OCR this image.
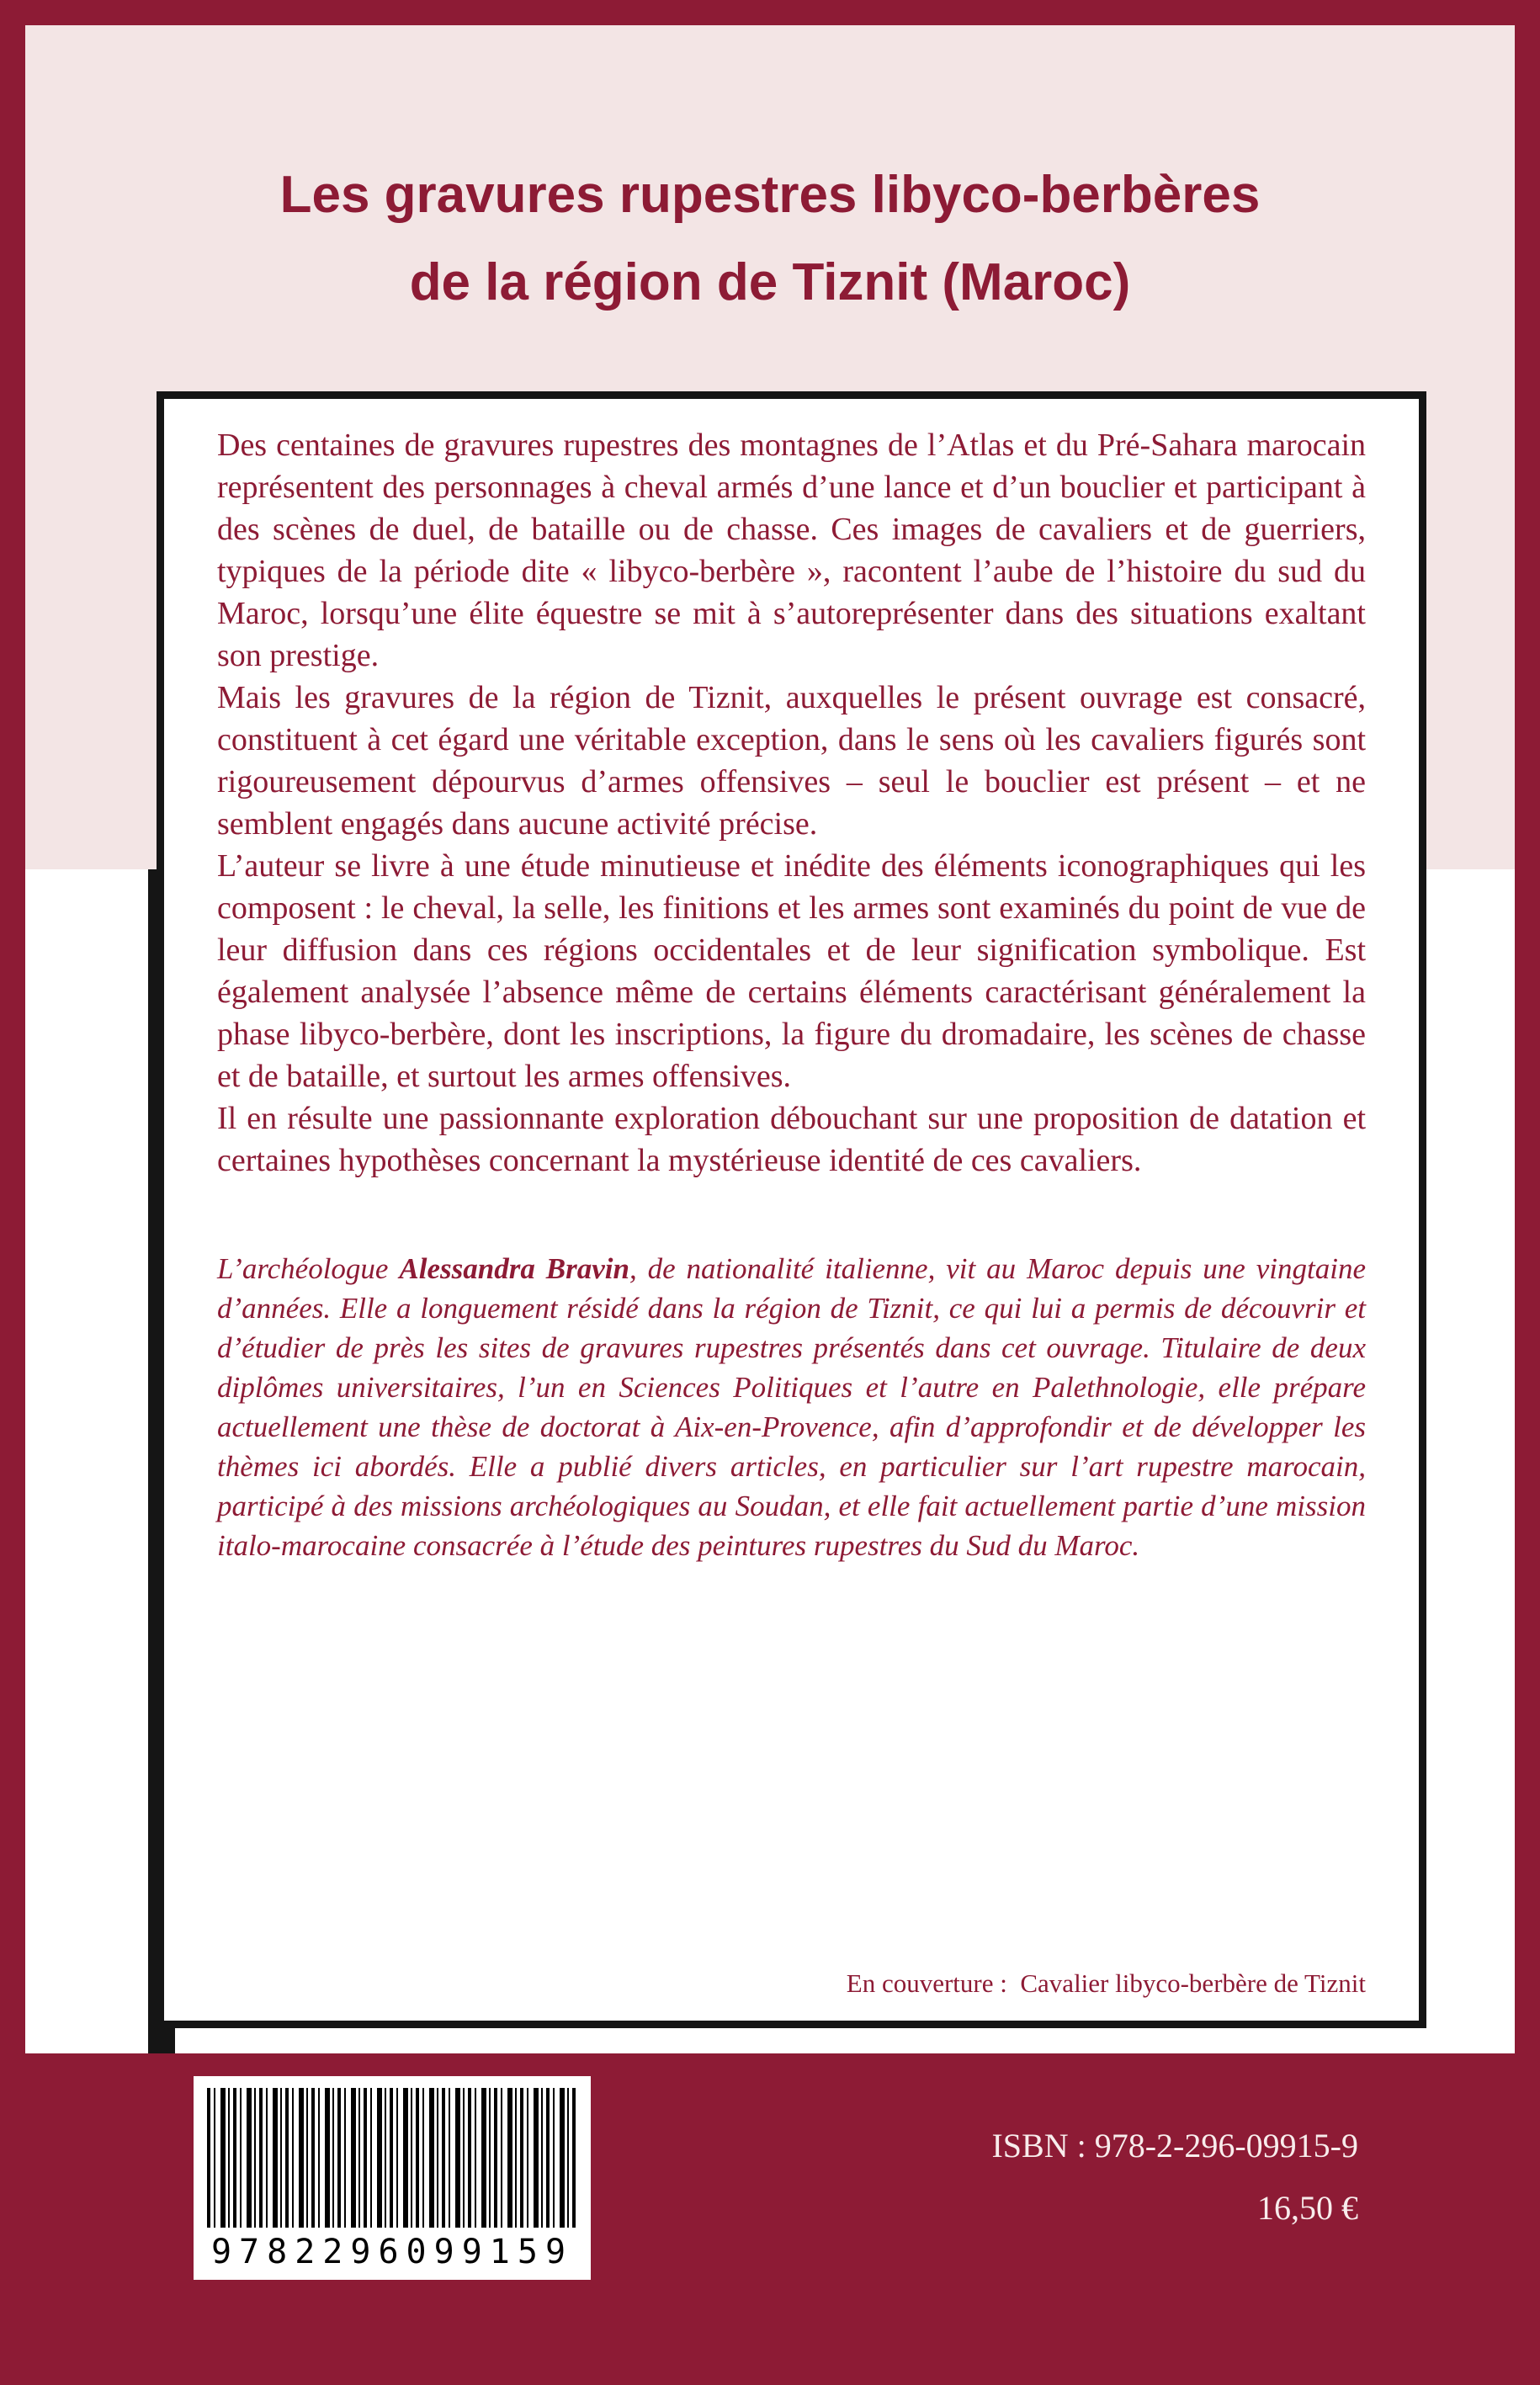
Les gravures rupestres libyco-berbères
de la région de Tiznit (Maroc)

Des centaines de gravures rupestres des montagnes de l’Atlas et du Pré-Sahara marocain représentent des personnages à cheval armés d’une lance et d’un bouclier et participant à des scènes de duel, de bataille ou de chasse. Ces images de cavaliers et de guerriers, typiques de la période dite « libyco-berbère », racontent l’aube de l’histoire du sud du Maroc, lorsqu’une élite équestre se mit à s’autoreprésenter dans des situations exaltant son prestige.

Mais les gravures de la région de Tiznit, auxquelles le présent ouvrage est consacré, constituent à cet égard une véritable exception, dans le sens où les cavaliers figurés sont rigoureusement dépourvus d’armes offensives – seul le bouclier est présent – et ne semblent engagés dans aucune activité précise.

L’auteur se livre à une étude minutieuse et inédite des éléments iconographiques qui les composent : le cheval, la selle, les finitions et les armes sont examinés du point de vue de leur diffusion dans ces régions occidentales et de leur signification symbolique. Est également analysée l’absence même de certains éléments caractérisant généralement la phase libyco-berbère, dont les inscriptions, la figure du dromadaire, les scènes de chasse et de bataille, et surtout les armes offensives.

Il en résulte une passionnante exploration débouchant sur une proposition de datation et certaines hypothèses concernant la mystérieuse identité de ces cavaliers.

L’archéologue Alessandra Bravin, de nationalité italienne, vit au Maroc depuis une vingtaine d’années. Elle a longuement résidé dans la région de Tiznit, ce qui lui a permis de découvrir et d’étudier de près les sites de gravures rupestres présentés dans cet ouvrage. Titulaire de deux diplômes universitaires, l’un en Sciences Politiques et l’autre en Palethnologie, elle prépare actuellement une thèse de doctorat à Aix-en-Provence, afin d’approfondir et de développer les thèmes ici abordés. Elle a publié divers articles, en particulier sur l’art rupestre marocain, participé à des missions archéologiques au Soudan, et elle fait actuellement partie d’une mission italo-marocaine consacrée à l’étude des peintures rupestres du Sud du Maroc.
En couverture :  Cavalier libyco-berbère de Tiznit
9782296099159
ISBN : 978-2-296-09915-9
16,50 €
